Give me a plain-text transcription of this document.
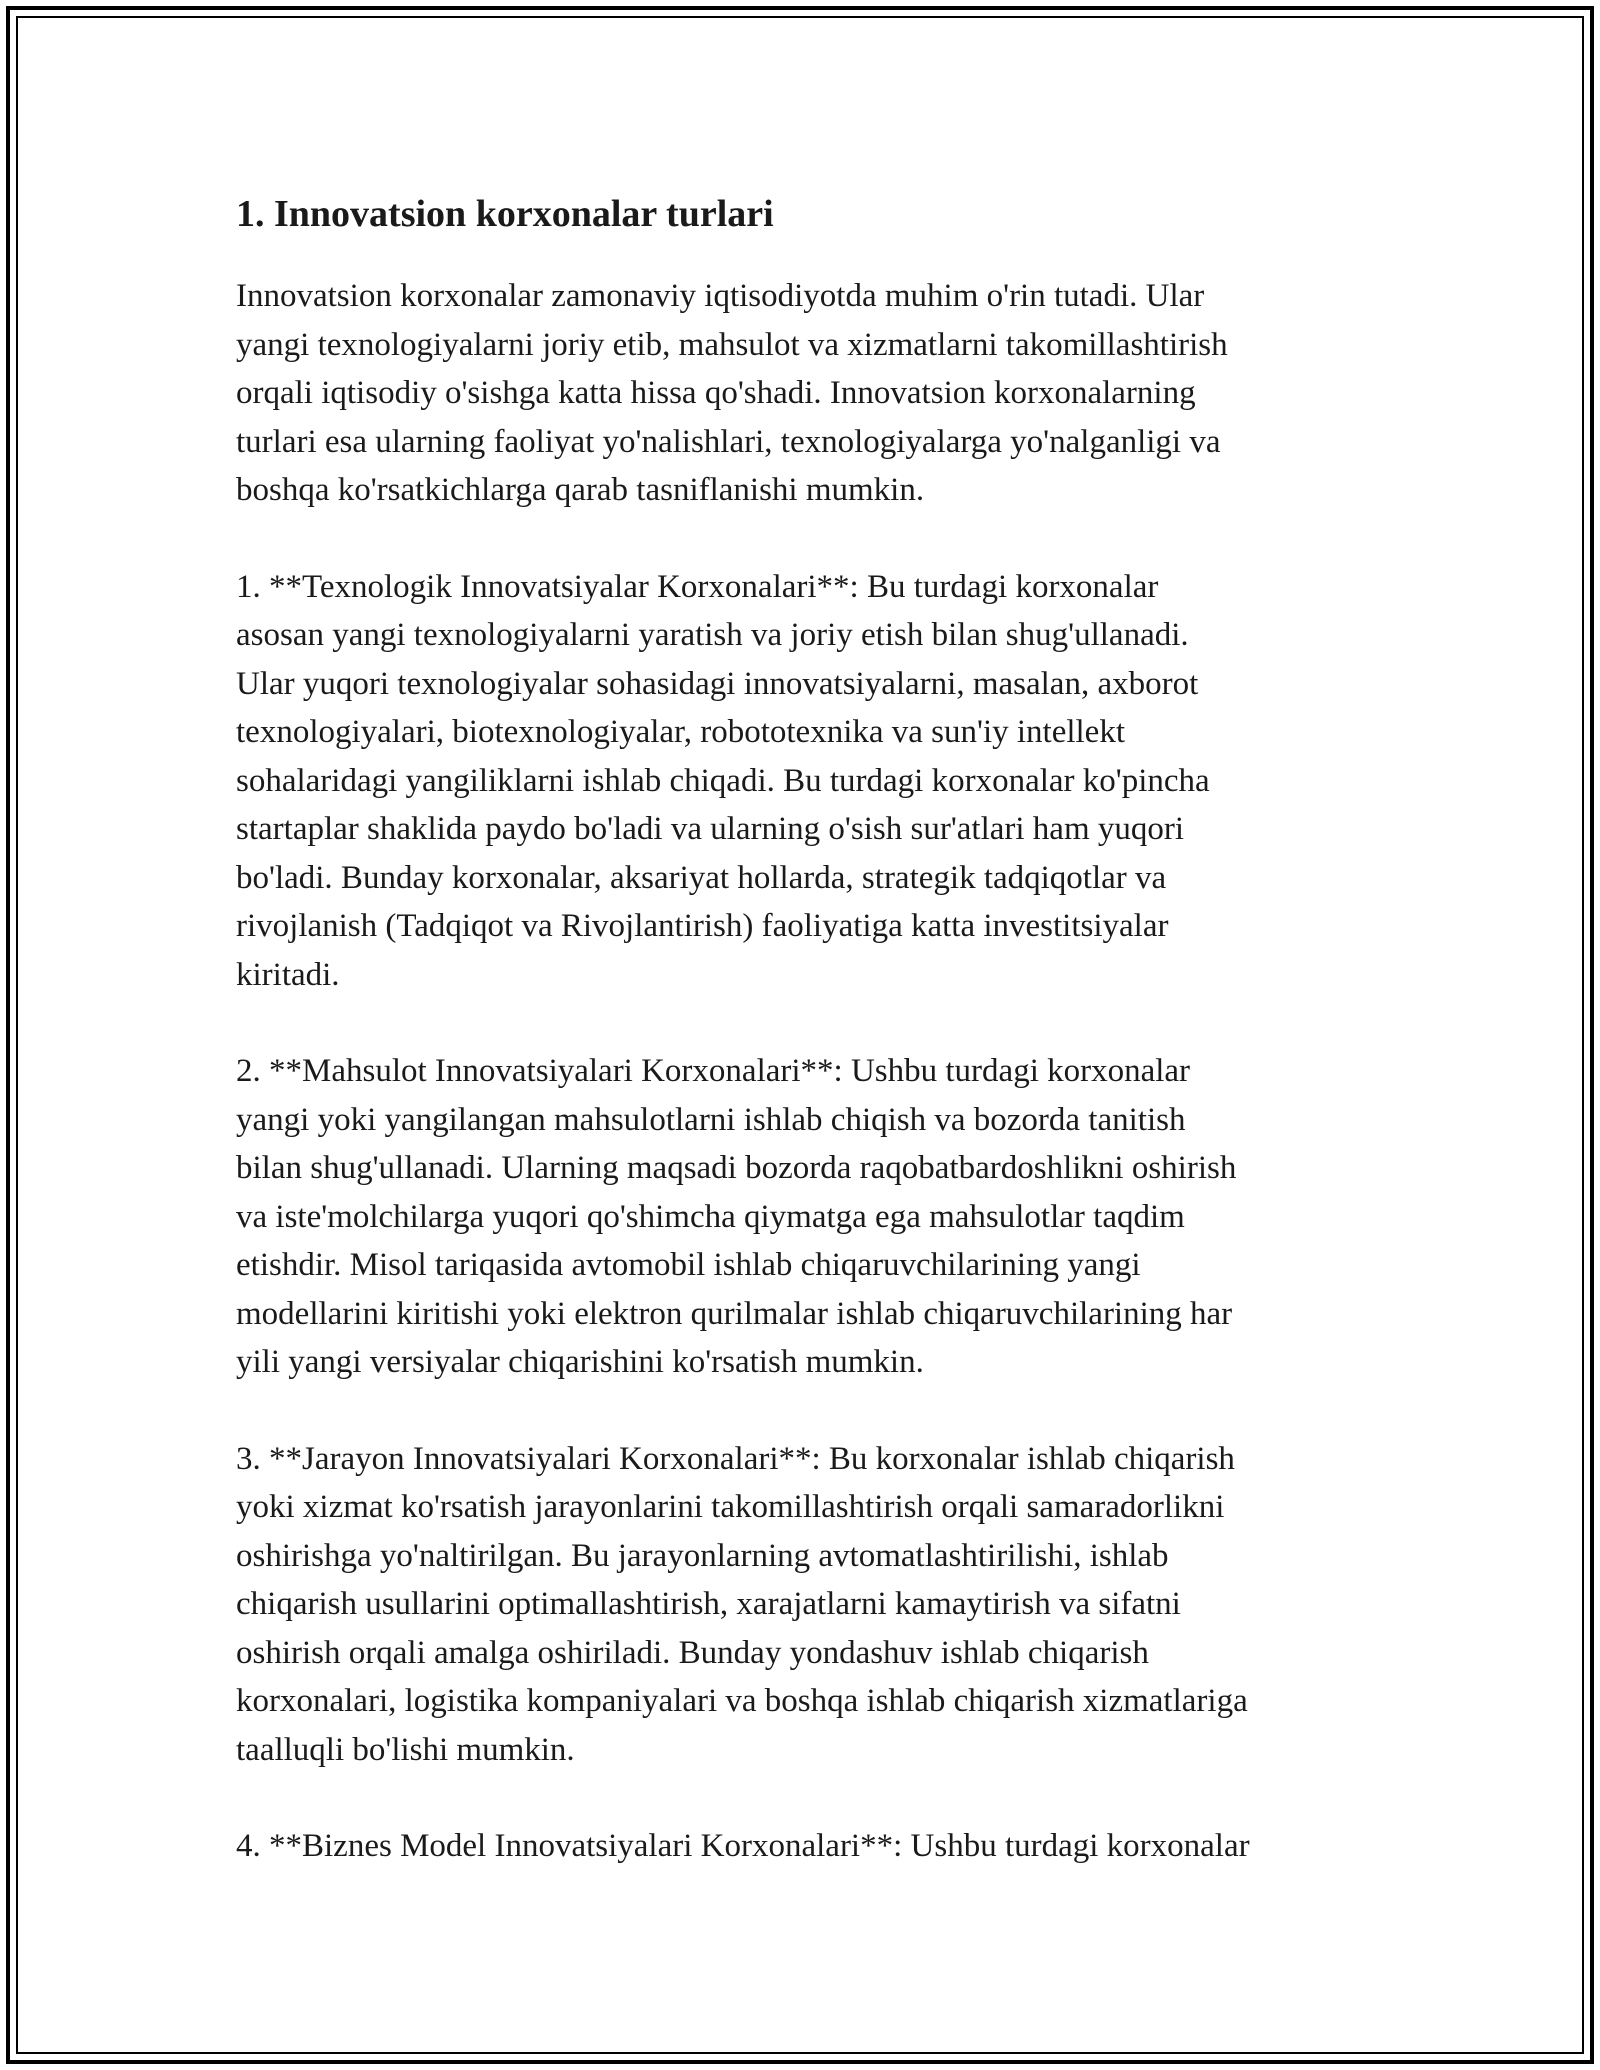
1. Innovatsion korxonalar turlari

Innovatsion korxonalar zamonaviy iqtisodiyotda muhim o'rin tutadi. Ular
yangi texnologiyalarni joriy etib, mahsulot va xizmatlarni takomillashtirish
orqali iqtisodiy o'sishga katta hissa qo'shadi. Innovatsion korxonalarning
turlari esa ularning faoliyat yo'nalishlari, texnologiyalarga yo'nalganligi va
boshqa ko'rsatkichlarga qarab tasniflanishi mumkin.

1. **Texnologik Innovatsiyalar Korxonalari**: Bu turdagi korxonalar
asosan yangi texnologiyalarni yaratish va joriy etish bilan shug'ullanadi.
Ular yuqori texnologiyalar sohasidagi innovatsiyalarni, masalan, axborot
texnologiyalari, biotexnologiyalar, robototexnika va sun'iy intellekt
sohalaridagi yangiliklarni ishlab chiqadi. Bu turdagi korxonalar ko'pincha
startaplar shaklida paydo bo'ladi va ularning o'sish sur'atlari ham yuqori
bo'ladi. Bunday korxonalar, aksariyat hollarda, strategik tadqiqotlar va
rivojlanish (Tadqiqot va Rivojlantirish) faoliyatiga katta investitsiyalar
kiritadi.

2. **Mahsulot Innovatsiyalari Korxonalari**: Ushbu turdagi korxonalar
yangi yoki yangilangan mahsulotlarni ishlab chiqish va bozorda tanitish
bilan shug'ullanadi. Ularning maqsadi bozorda raqobatbardoshlikni oshirish
va iste'molchilarga yuqori qo'shimcha qiymatga ega mahsulotlar taqdim
etishdir. Misol tariqasida avtomobil ishlab chiqaruvchilarining yangi
modellarini kiritishi yoki elektron qurilmalar ishlab chiqaruvchilarining har
yili yangi versiyalar chiqarishini ko'rsatish mumkin.

3. **Jarayon Innovatsiyalari Korxonalari**: Bu korxonalar ishlab chiqarish
yoki xizmat ko'rsatish jarayonlarini takomillashtirish orqali samaradorlikni
oshirishga yo'naltirilgan. Bu jarayonlarning avtomatlashtirilishi, ishlab
chiqarish usullarini optimallashtirish, xarajatlarni kamaytirish va sifatni
oshirish orqali amalga oshiriladi. Bunday yondashuv ishlab chiqarish
korxonalari, logistika kompaniyalari va boshqa ishlab chiqarish xizmatlariga
taalluqli bo'lishi mumkin.

4. **Biznes Model Innovatsiyalari Korxonalari**: Ushbu turdagi korxonalar
